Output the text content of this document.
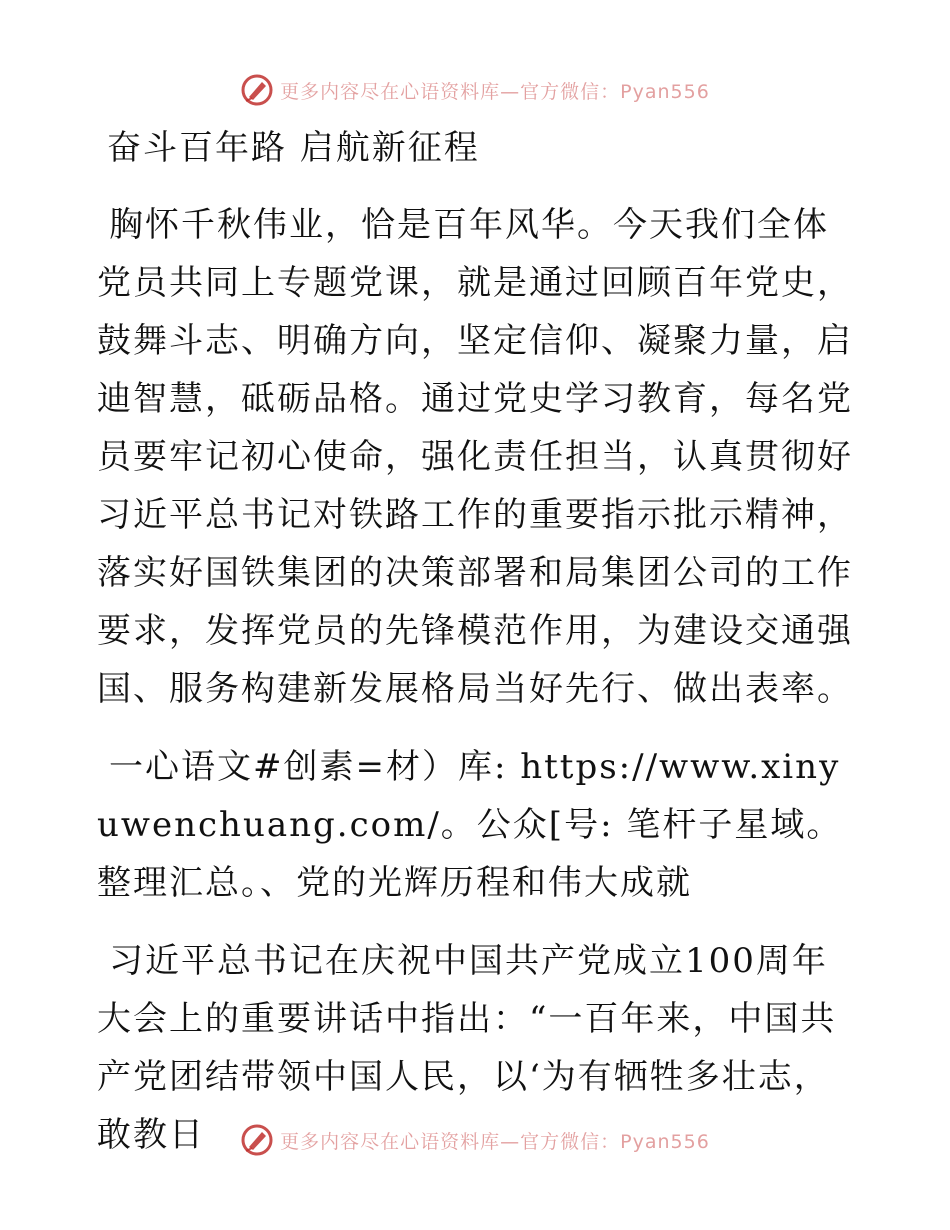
更多内容尽在心语资料库—官方微信：Pyan556
奋斗百年路 启航新征程

胸怀千秋伟业，恰是百年风华。今天我们全体党员共同上专题党课，就是通过回顾百年党史，鼓舞斗志、明确方向，坚定信仰、凝聚力量，启迪智慧，砥砺品格。通过党史学习教育，每名党员要牢记初心使命，强化责任担当，认真贯彻好习近平总书记对铁路工作的重要指示批示精神，落实好国铁集团的决策部署和局集团公司的工作要求，发挥党员的先锋模范作用，为建设交通强国、服务构建新发展格局当好先行、做出表率。

一心语文#创素=材）库: https://www.xinyuwenchuang.com/。公众[号: 笔杆子星域。整理汇总。、党的光辉历程和伟大成就

习近平总书记在庆祝中国共产党成立100周年大会上的重要讲话中指出：“一百年来，中国共产党团结带领中国人民，以‘为有牺牲多壮志，敢教日	更多内容尽在心语资料库—官方微信：Pyan556
